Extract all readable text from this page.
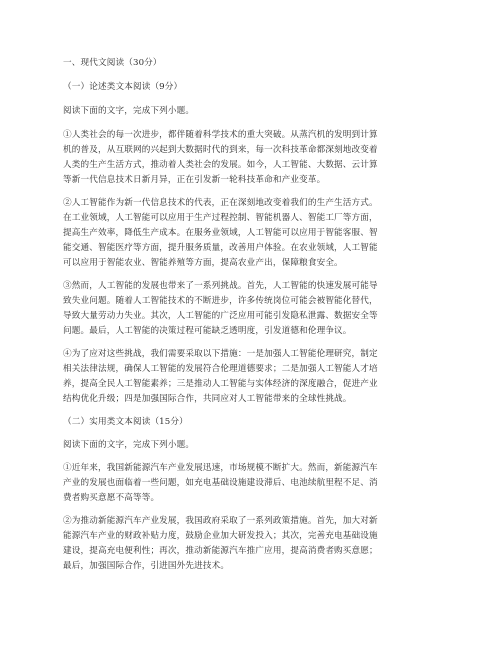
一、现代文阅读（30分）
（一）论述类文本阅读（9分）
阅读下面的文字，完成下列小题。
①人类社会的每一次进步，都伴随着科学技术的重大突破。从蒸汽机的发明到计算
机的普及，从互联网的兴起到大数据时代的到来，每一次科技革命都深刻地改变着
人类的生产生活方式，推动着人类社会的发展。如今，人工智能、大数据、云计算
等新一代信息技术日新月异，正在引发新一轮科技革命和产业变革。
②人工智能作为新一代信息技术的代表，正在深刻地改变着我们的生产生活方式。
在工业领域，人工智能可以应用于生产过程控制、智能机器人、智能工厂等方面，
提高生产效率，降低生产成本。在服务业领域，人工智能可以应用于智能客服、智
能交通、智能医疗等方面，提升服务质量，改善用户体验。在农业领域，人工智能
可以应用于智能农业、智能养殖等方面，提高农业产出，保障粮食安全。
③然而，人工智能的发展也带来了一系列挑战。首先，人工智能的快速发展可能导
致失业问题。随着人工智能技术的不断进步，许多传统岗位可能会被智能化替代，
导致大量劳动力失业。其次，人工智能的广泛应用可能引发隐私泄露、数据安全等
问题。最后，人工智能的决策过程可能缺乏透明度，引发道德和伦理争议。
④为了应对这些挑战，我们需要采取以下措施：一是加强人工智能伦理研究，制定
相关法律法规，确保人工智能的发展符合伦理道德要求；二是加强人工智能人才培
养，提高全民人工智能素养；三是推动人工智能与实体经济的深度融合，促进产业
结构优化升级；四是加强国际合作，共同应对人工智能带来的全球性挑战。
（二）实用类文本阅读（15分）
阅读下面的文字，完成下列小题。
①近年来，我国新能源汽车产业发展迅速，市场规模不断扩大。然而，新能源汽车
产业的发展也面临着一些问题，如充电基础设施建设滞后、电池续航里程不足、消
费者购买意愿不高等等。
②为推动新能源汽车产业发展，我国政府采取了一系列政策措施。首先，加大对新
能源汽车产业的财政补贴力度，鼓励企业加大研发投入；其次，完善充电基础设施
建设，提高充电便利性；再次，推动新能源汽车推广应用，提高消费者购买意愿；
最后，加强国际合作，引进国外先进技术。
